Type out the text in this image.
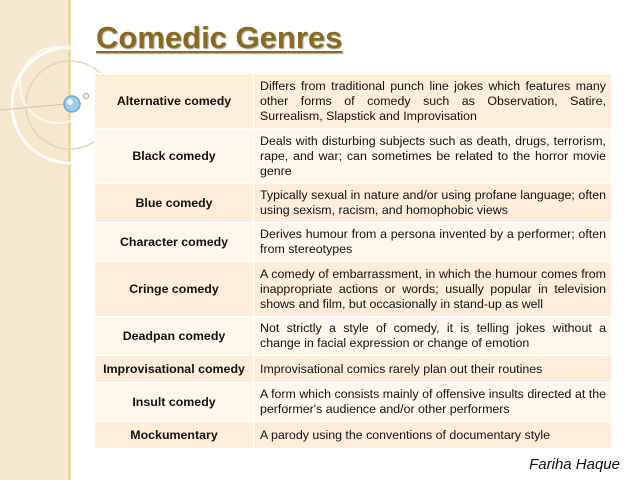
Comedic Genres
Alternative comedy	Differs from traditional punch line jokes which features many other forms of comedy such as Observation, Satire, Surrealism, Slapstick and Improvisation
Black comedy	Deals with disturbing subjects such as death, drugs, terrorism, rape, and war; can sometimes be related to the horror movie genre
Blue comedy	Typically sexual in nature and/or using profane language; often using sexism, racism, and homophobic views
Character comedy	Derives humour from a persona invented by a performer; often from stereotypes
Cringe comedy	A comedy of embarrassment, in which the humour comes from inappropriate actions or words; usually popular in television shows and film, but occasionally in stand-up as well
Deadpan comedy	Not strictly a style of comedy, it is telling jokes without a change in facial expression or change of emotion
Improvisational comedy	Improvisational comics rarely plan out their routines
Insult comedy	A form which consists mainly of offensive insults directed at the performer's audience and/or other performers
Mockumentary	A parody using the conventions of documentary style
Fariha Haque
